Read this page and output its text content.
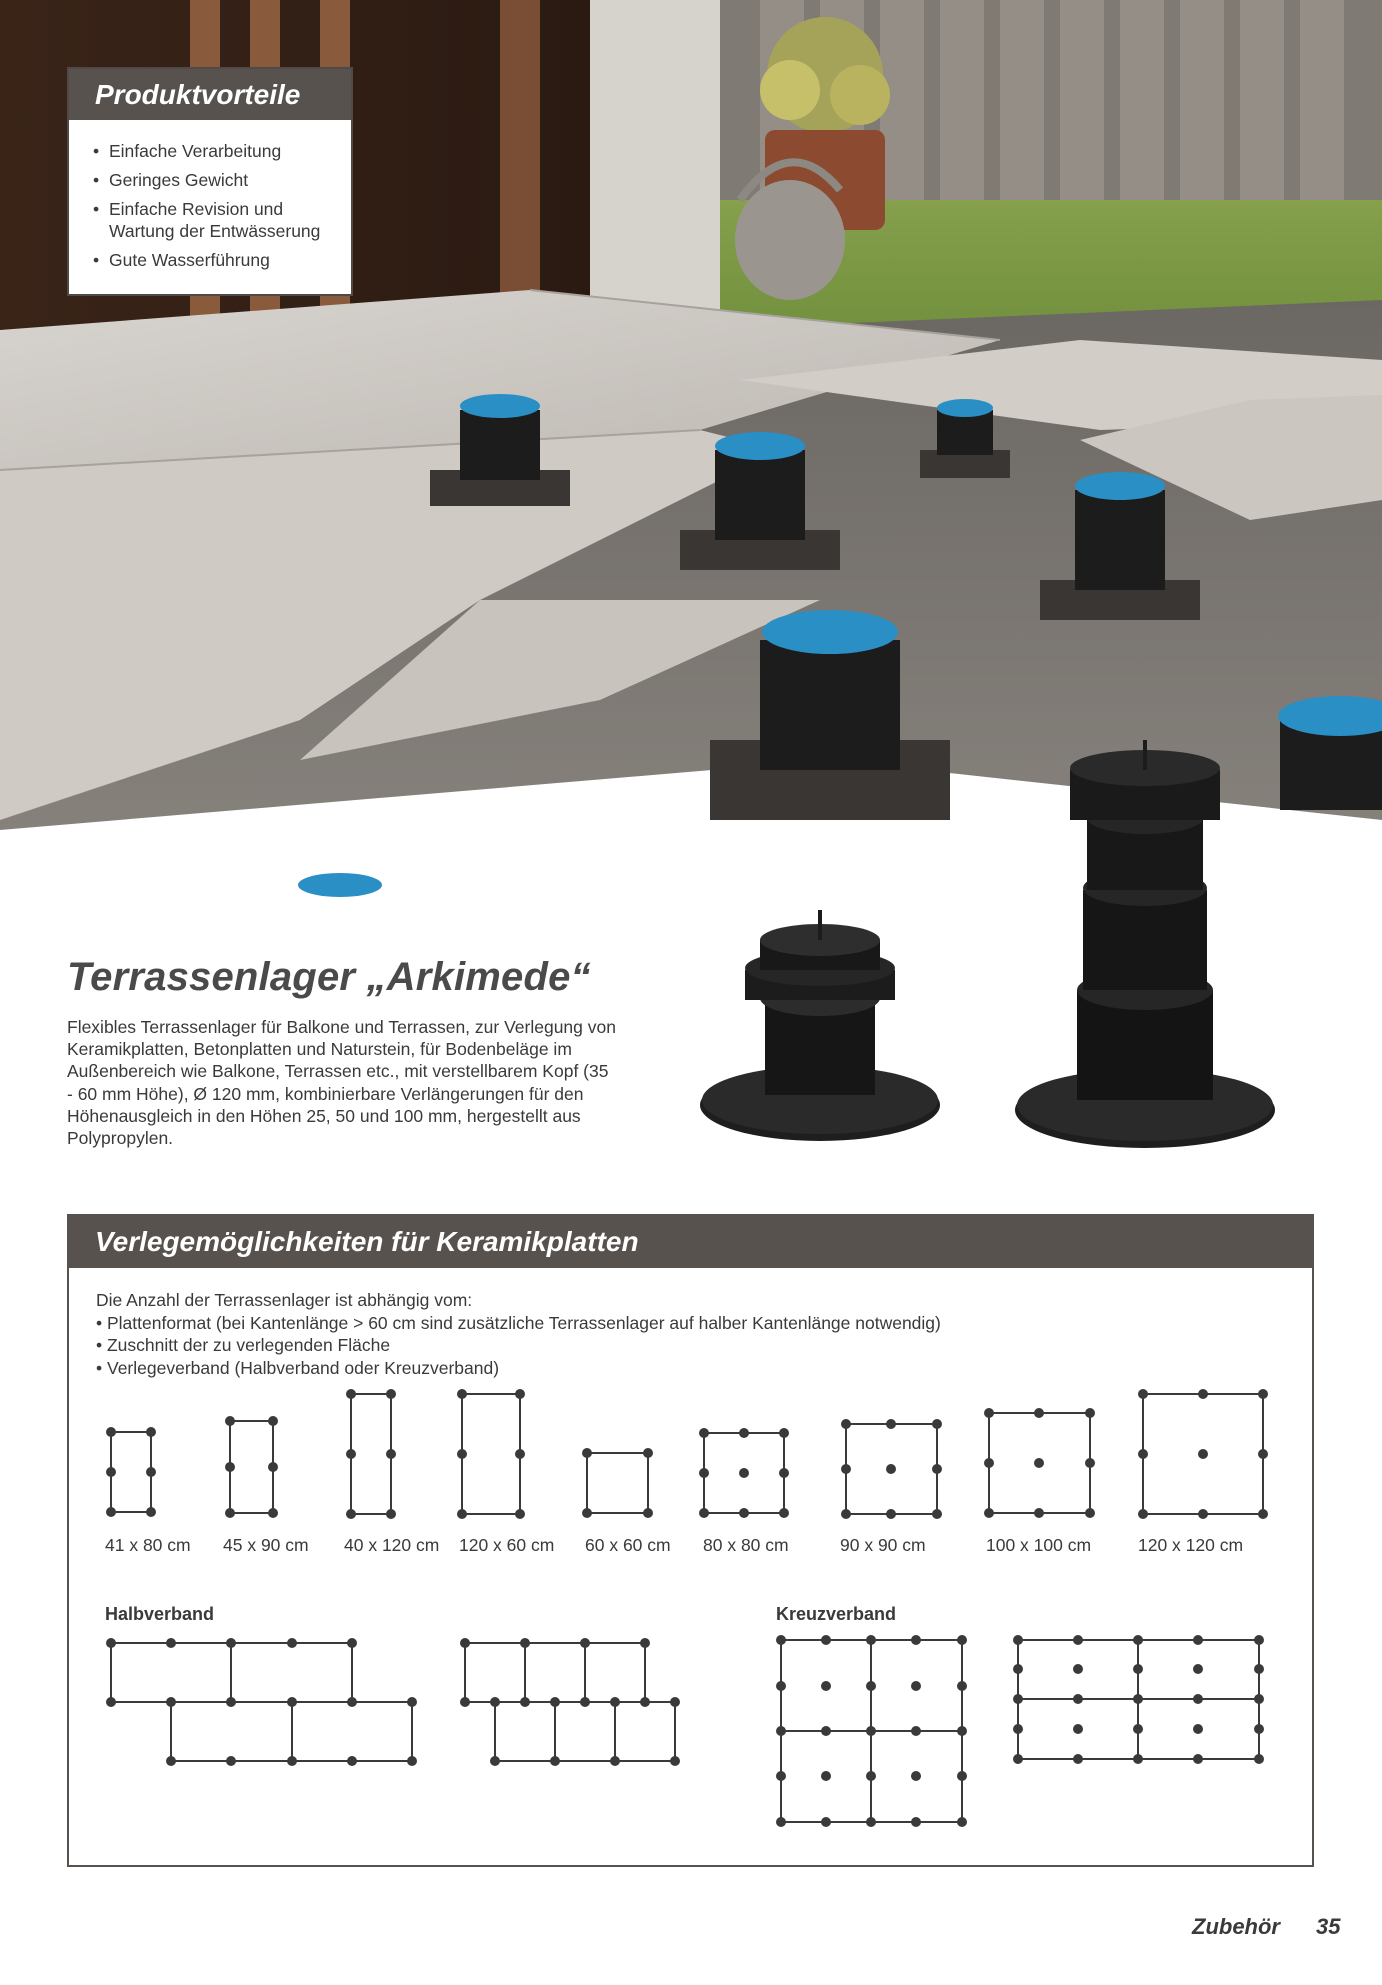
Produktvorteile
• Einfache Verarbeitung
• Geringes Gewicht
• Einfache Revision und Wartung der Entwässerung
• Gute Wasserführung
Terrassenlager „Arkimede“

Flexibles Terrassenlager für Balkone und Terrassen, zur Verlegung von Keramikplatten, Betonplatten und Naturstein, für Bodenbeläge im Außenbereich wie Balkone, Terrassen etc., mit verstellbarem Kopf (35 - 60 mm Höhe), Ø 120 mm, kombinierbare Verlängerungen für den Höhenausgleich in den Höhen 25, 50 und 100 mm, hergestellt aus Polypropylen.

Verlegemöglichkeiten für Keramikplatten
Die Anzahl der Terrassenlager ist abhängig vom:
• Plattenformat (bei Kantenlänge > 60 cm sind zusätzliche Terrassenlager auf halber Kantenlänge notwendig)
• Zuschnitt der zu verlegenden Fläche
• Verlegeverband (Halbverband oder Kreuzverband)
41 x 80 cm 45 x 90 cm 40 x 120 cm 120 x 60 cm 60 x 60 cm 80 x 80 cm	90 x 90 cm	100 x 100 cm	120 x 120 cm
Halbverband	Kreuzverband
Zubehör 35
